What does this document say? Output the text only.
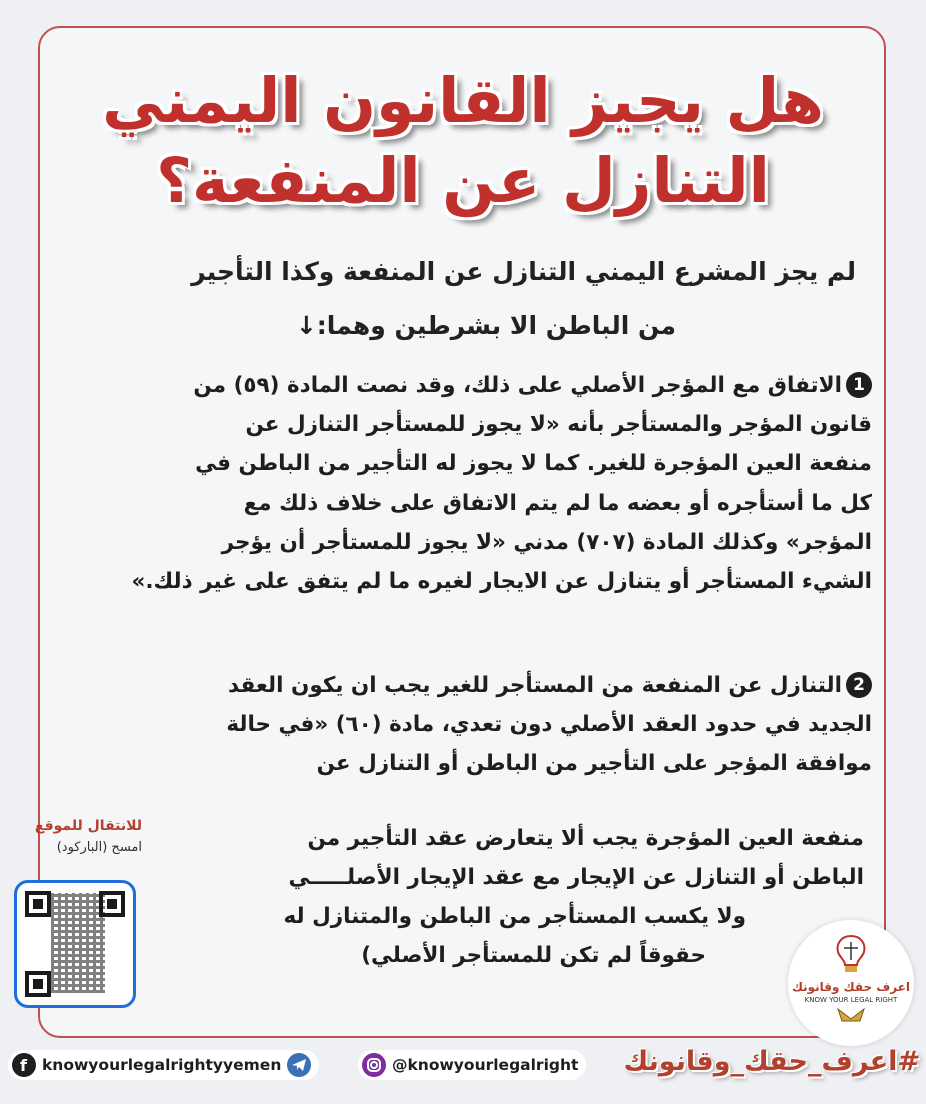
هل يجيز القانون اليمني
التنازل عن المنفعة؟
لم يجز المشرع اليمني التنازل عن المنفعة وكذا التأجير
من الباطن الا بشرطين وهما:↓
1الاتفاق مع المؤجر الأصلي على ذلك، وقد نصت المادة (٥٩) من
قانون المؤجر والمستأجر بأنه «لا يجوز للمستأجر التنازل عن
منفعة العين المؤجرة للغير. كما لا يجوز له التأجير من الباطن في
كل ما أستأجره أو بعضه ما لم يتم الاتفاق على خلاف ذلك مع
المؤجر» وكذلك المادة (٧٠٧) مدني «لا يجوز للمستأجر أن يؤجر
الشيء المستأجر أو يتنازل عن الايجار لغيره ما لم يتفق على غير ذلك.»
2التنازل عن المنفعة من المستأجر للغير يجب ان يكون العقد
الجديد في حدود العقد الأصلي دون تعدي، مادة (٦٠) «في حالة
موافقة المؤجر على التأجير من الباطن أو التنازل عن
منفعة العين المؤجرة يجب ألا يتعارض عقد التأجير من
الباطن أو التنازل عن الإيجار مع عقد الإيجار الأصلـــــي
ولا يكسب المستأجر من الباطن والمتنازل له
حقوقاً لم تكن للمستأجر الأصلي)
للانتقال للموقع
امسح (الباركود)
اعرف حقك وقانونك
KNOW YOUR LEGAL RIGHT
f knowyourlegalrightyyemen	@knowyourlegalright #اعرف_حقك_وقانونك
